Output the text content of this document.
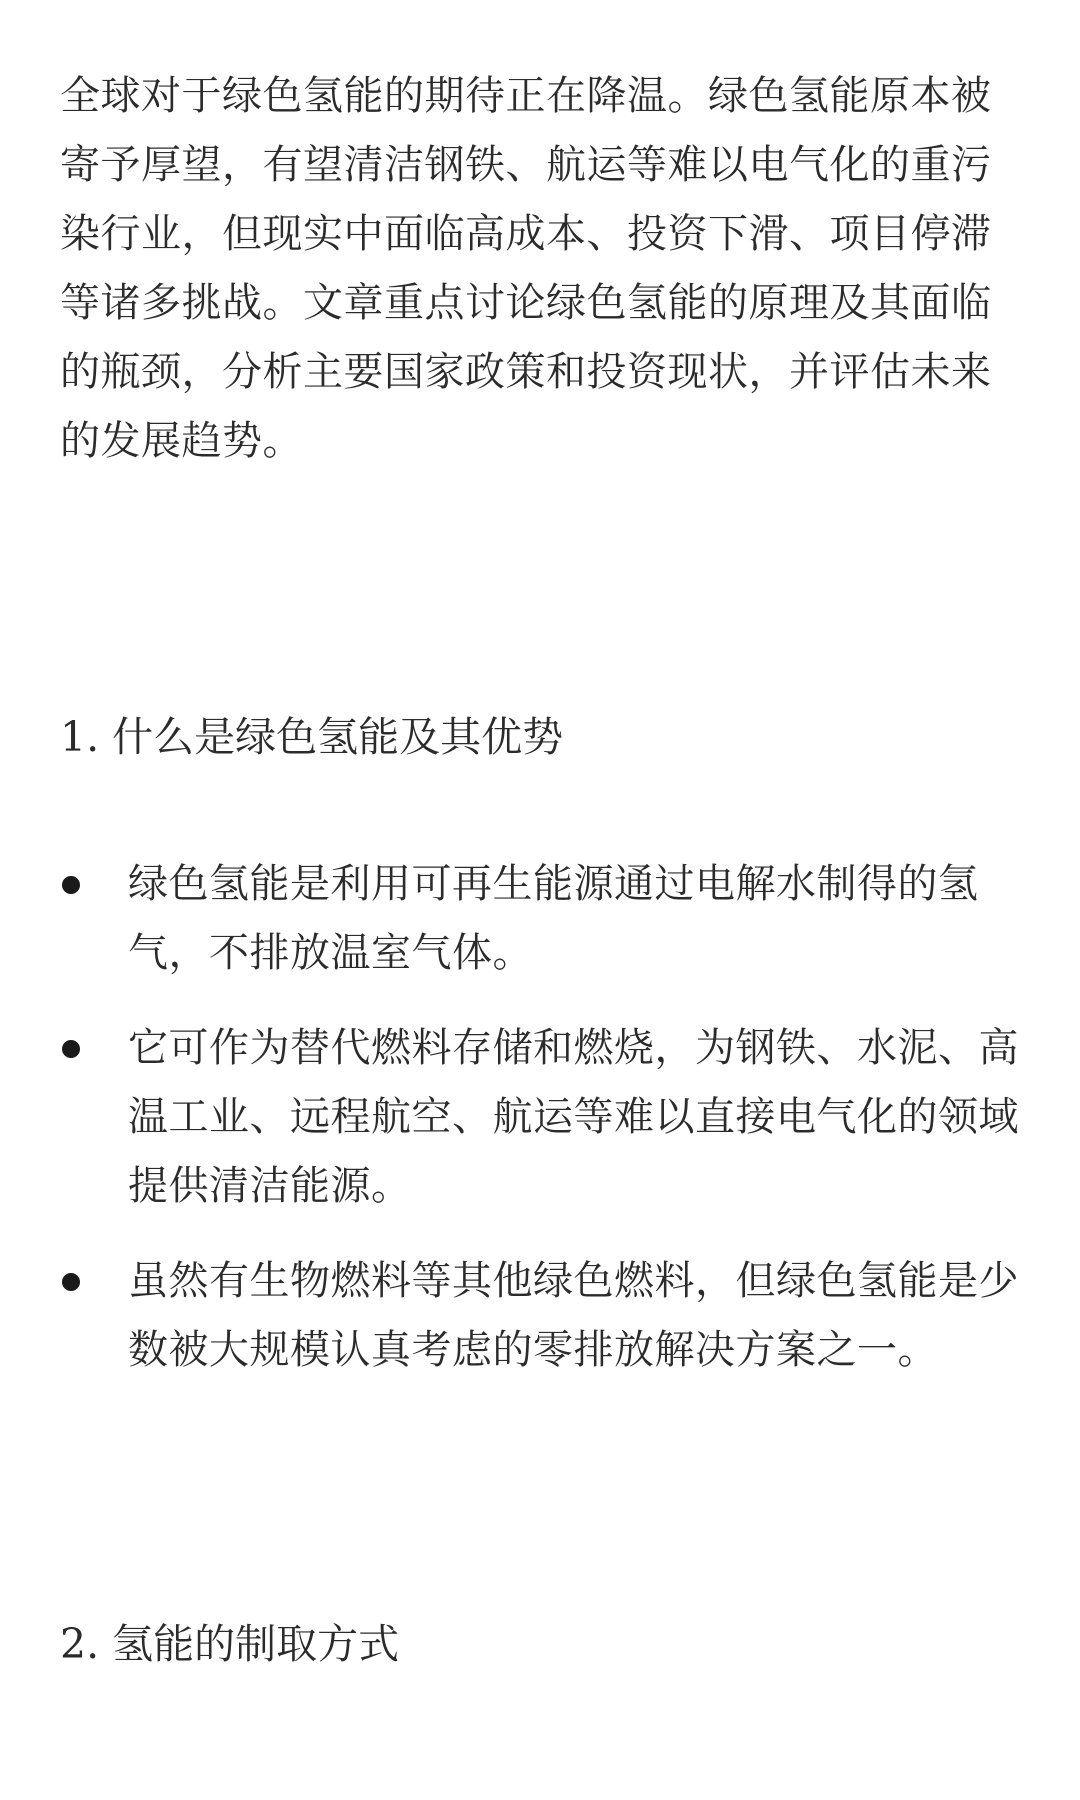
全球对于绿色氢能的期待正在降温。绿色氢能原本被寄予厚望，有望清洁钢铁、航运等难以电气化的重污染行业，但现实中面临高成本、投资下滑、项目停滞等诸多挑战。文章重点讨论绿色氢能的原理及其面临的瓶颈，分析主要国家政策和投资现状，并评估未来的发展趋势。

1. 什么是绿色氢能及其优势
绿色氢能是利用可再生能源通过电解水制得的氢气，不排放温室气体。
它可作为替代燃料存储和燃烧，为钢铁、水泥、高温工业、远程航空、航运等难以直接电气化的领域提供清洁能源。
虽然有生物燃料等其他绿色燃料，但绿色氢能是少数被大规模认真考虑的零排放解决方案之一。
2. 氢能的制取方式
